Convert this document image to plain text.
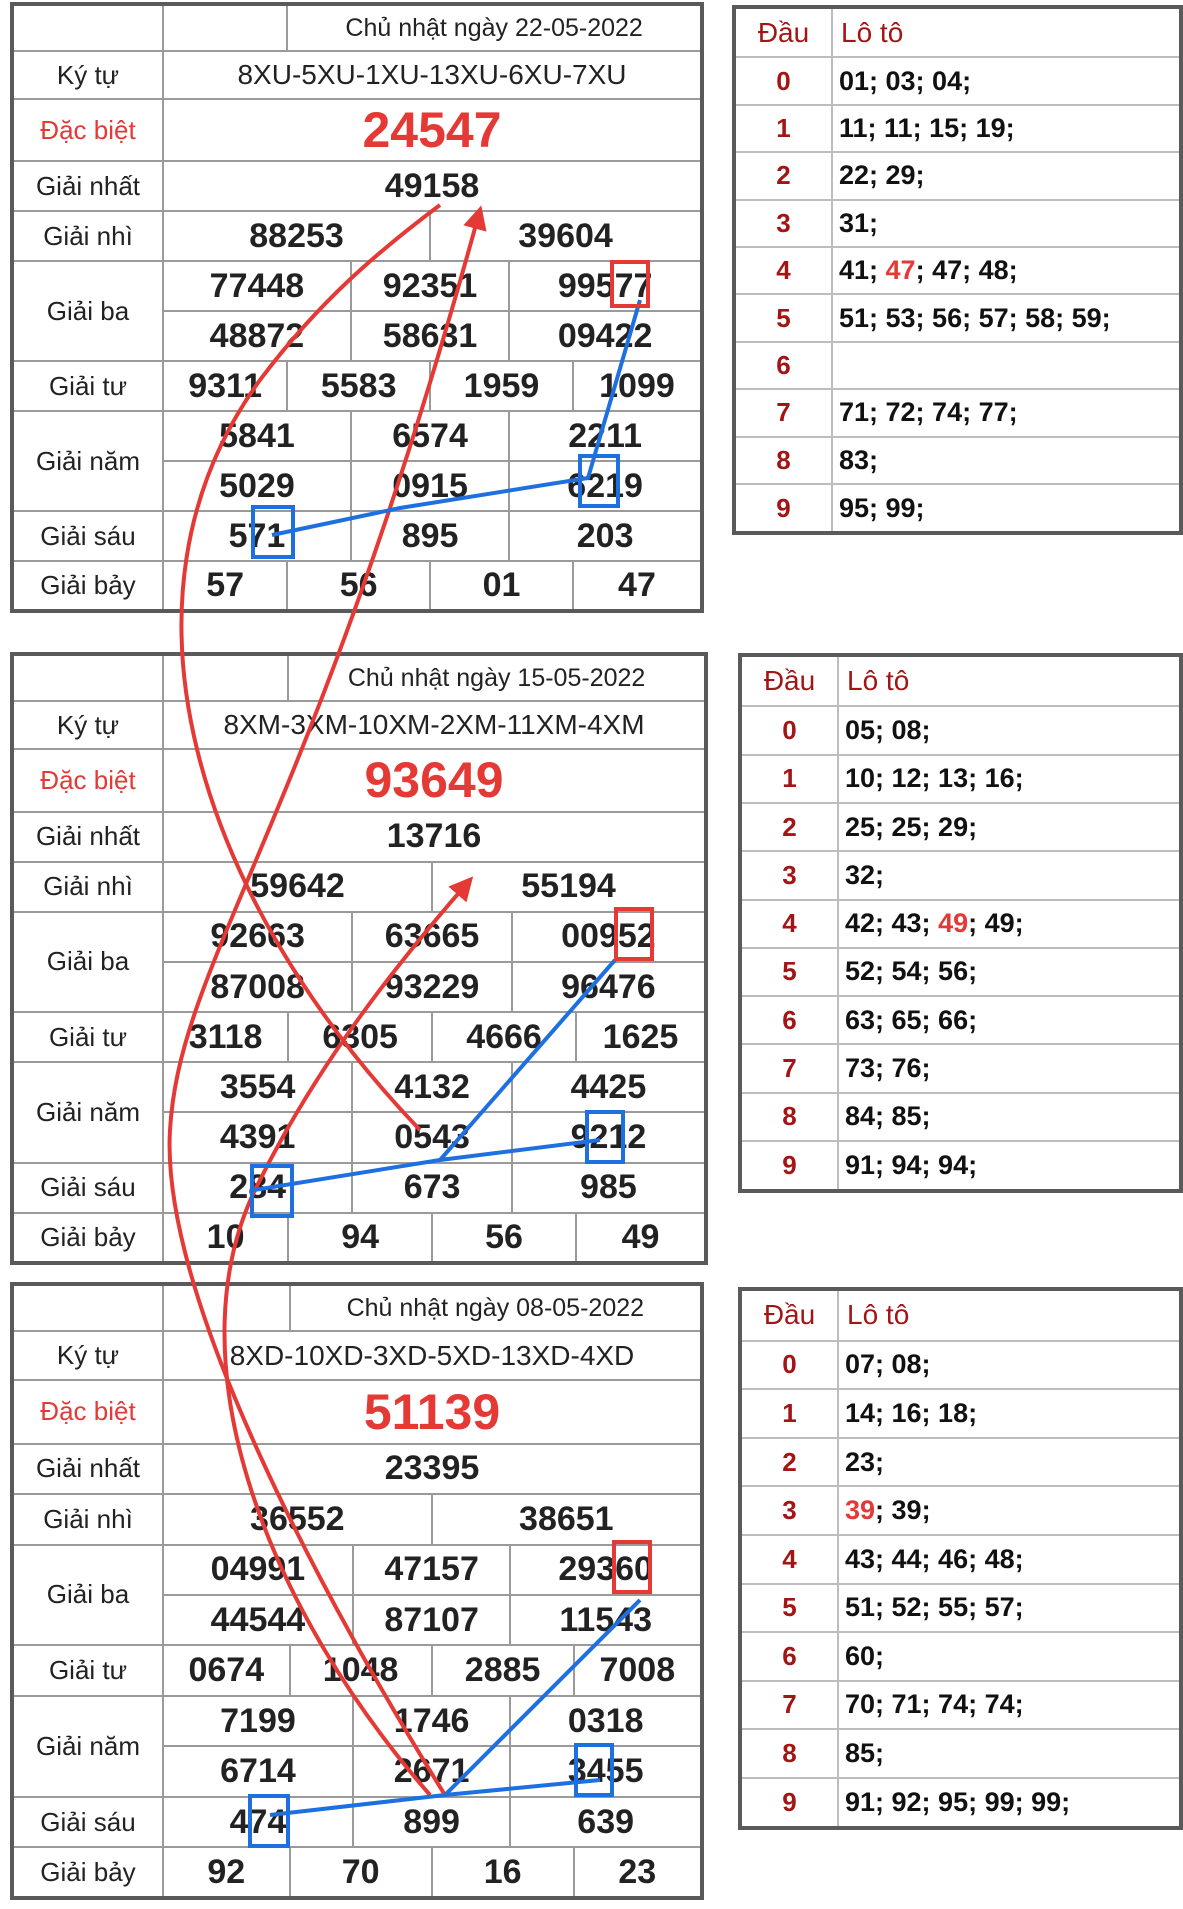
		Chủ nhật ngày 22-05-2022				
Ký tự	8XU-5XU-1XU-13XU-6XU-7XU					
Đặc biệt	24547					
Giải nhất	49158					
Giải nhì	88253			39604		
Giải ba	77448		92351		99577	
	48872		58631		09422	
Giải tư	9311	5583		1959		1099
Giải năm	5841		6574		2211	
	5029		0915		6219	
Giải sáu	571		895		203	
Giải bảy	57	56		01		47
Đầu	Lô tô
0	01; 03; 04;
1	11; 11; 15; 19;
2	22; 29;
3	31;
4	41; 47; 47; 48;
5	51; 53; 56; 57; 58; 59;
6	
7	71; 72; 74; 77;
8	83;
9	95; 99;
		Chủ nhật ngày 15-05-2022				
Ký tự	8XM-3XM-10XM-2XM-11XM-4XM					
Đặc biệt	93649					
Giải nhất	13716					
Giải nhì	59642			55194		
Giải ba	92663		63665		00952	
	87008		93229		96476	
Giải tư	3118	6305		4666		1625
Giải năm	3554		4132		4425	
	4391		0543		9212	
Giải sáu	284		673		985	
Giải bảy	10	94		56		49
Đầu	Lô tô
0	05; 08;
1	10; 12; 13; 16;
2	25; 25; 29;
3	32;
4	42; 43; 49; 49;
5	52; 54; 56;
6	63; 65; 66;
7	73; 76;
8	84; 85;
9	91; 94; 94;
		Chủ nhật ngày 08-05-2022				
Ký tự	8XD-10XD-3XD-5XD-13XD-4XD					
Đặc biệt	51139					
Giải nhất	23395					
Giải nhì	36552			38651		
Giải ba	04991		47157		29360	
	44544		87107		11543	
Giải tư	0674	1048		2885		7008
Giải năm	7199		1746		0318	
	6714		2671		3455	
Giải sáu	474		899		639	
Giải bảy	92	70		16		23
Đầu	Lô tô
0	07; 08;
1	14; 16; 18;
2	23;
3	39; 39;
4	43; 44; 46; 48;
5	51; 52; 55; 57;
6	60;
7	70; 71; 74; 74;
8	85;
9	91; 92; 95; 99; 99;
